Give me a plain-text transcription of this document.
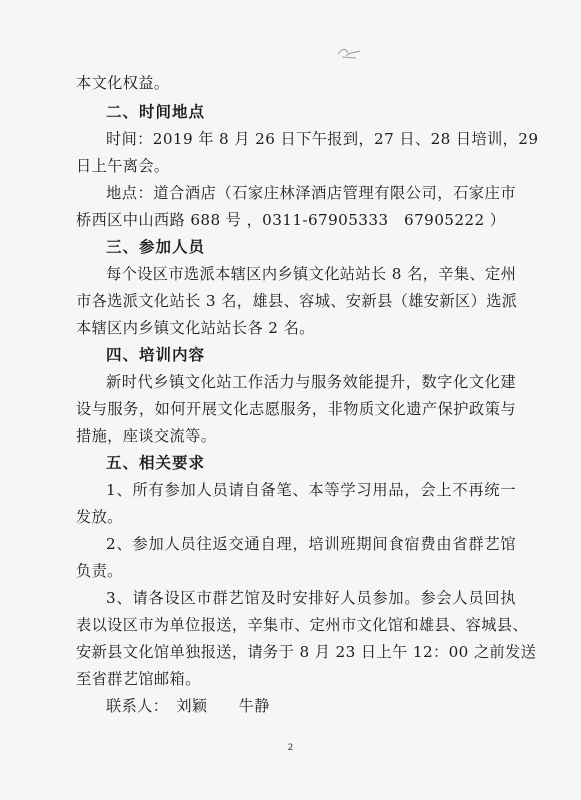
本文化权益。
二、时间地点
时间：2019 年 8 月 26 日下午报到，27 日、28 日培训，29
日上午离会。
地点：道合酒店（石家庄林泽酒店管理有限公司，石家庄市
桥西区中山西路 688 号 ，0311-67905333　67905222 ）
三、参加人员
每个设区市选派本辖区内乡镇文化站站长 8 名，辛集、定州
市各选派文化站长 3 名，雄县、容城、安新县（雄安新区）选派
本辖区内乡镇文化站站长各 2 名。
四、培训内容
新时代乡镇文化站工作活力与服务效能提升，数字化文化建
设与服务，如何开展文化志愿服务，非物质文化遗产保护政策与
措施，座谈交流等。
五、相关要求
1、所有参加人员请自备笔、本等学习用品，会上不再统一
发放。
2、参加人员往返交通自理，培训班期间食宿费由省群艺馆
负责。
3、请各设区市群艺馆及时安排好人员参加。参会人员回执
表以设区市为单位报送，辛集市、定州市文化馆和雄县、容城县、
安新县文化馆单独报送，请务于 8 月 23 日上午 12：00 之前发送
至省群艺馆邮箱。
联系人：　刘颖　　牛静
2
